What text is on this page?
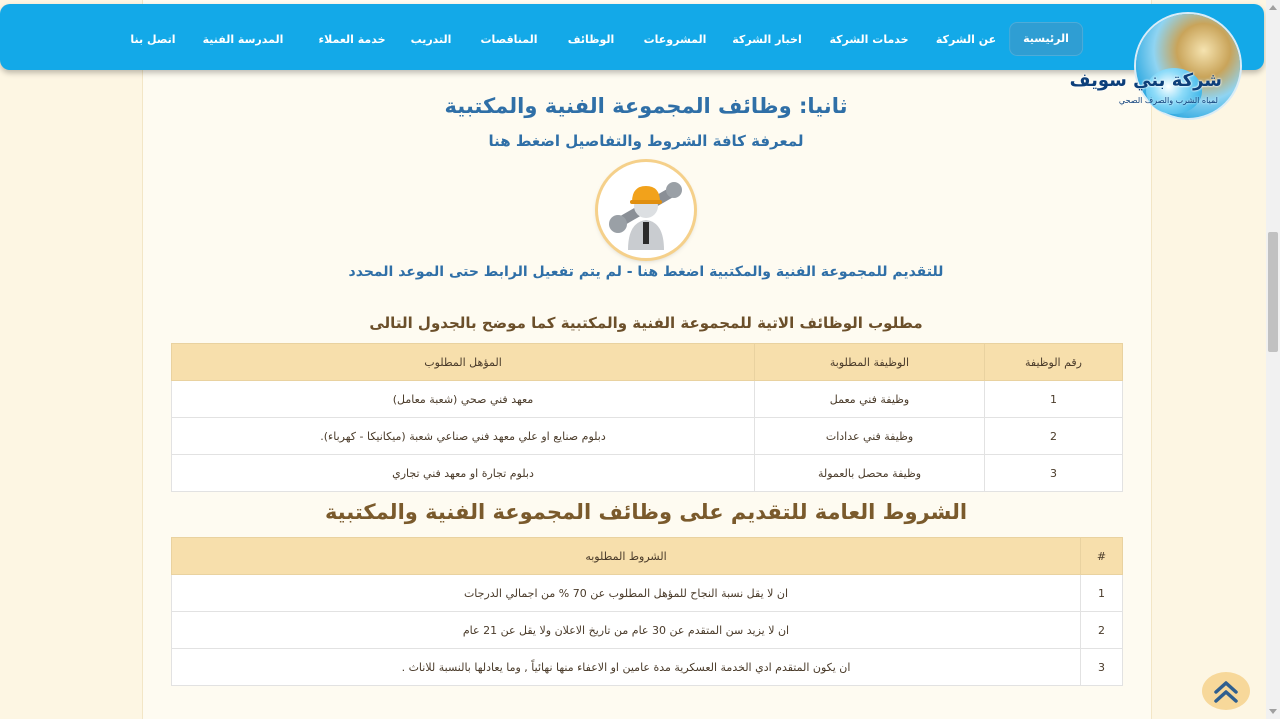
الرئيسية
عن الشركة
خدمات الشركة
اخبار الشركة
المشروعات
الوظائف
المناقصات
التدريب
خدمة العملاء
المدرسة الفنية
اتصل بنا
شركة بني سويف
لمياه الشرب والصرف الصحي
ثانيا: وظائف المجموعة الفنية والمكتبية
لمعرفة كافة الشروط والتفاصيل اضغط هنا
للتقديم للمجموعة الفنية والمكتبية اضغط هنا - لم يتم تفعيل الرابط حتى الموعد المحدد
مطلوب الوظائف الاتية للمجموعة الفنية والمكتبية كما موضح بالجدول التالى
رقم الوظيفة	الوظيفة المطلوبة	المؤهل المطلوب
1	وظيفة فني معمل	معهد فني صحي (شعبة معامل)
2	وظيفة فني عدادات	دبلوم صنايع او علي معهد فني صناعي شعبة (ميكانيكا - كهرباء).
3	وظيفة محصل بالعمولة	دبلوم تجارة او معهد فني تجاري
الشروط العامة للتقديم على وظائف المجموعة الفنية والمكتبية
#	الشروط المطلوبه
1	ان لا يقل نسبة النجاح للمؤهل المطلوب عن 70 % من اجمالي الدرجات
2	ان لا يزيد سن المتقدم عن 30 عام من تاريخ الاعلان ولا يقل عن 21 عام
3	ان يكون المتقدم ادي الخدمة العسكرية مدة عامين او الاعفاء منها نهائياً , وما يعادلها بالنسبة للاناث .
